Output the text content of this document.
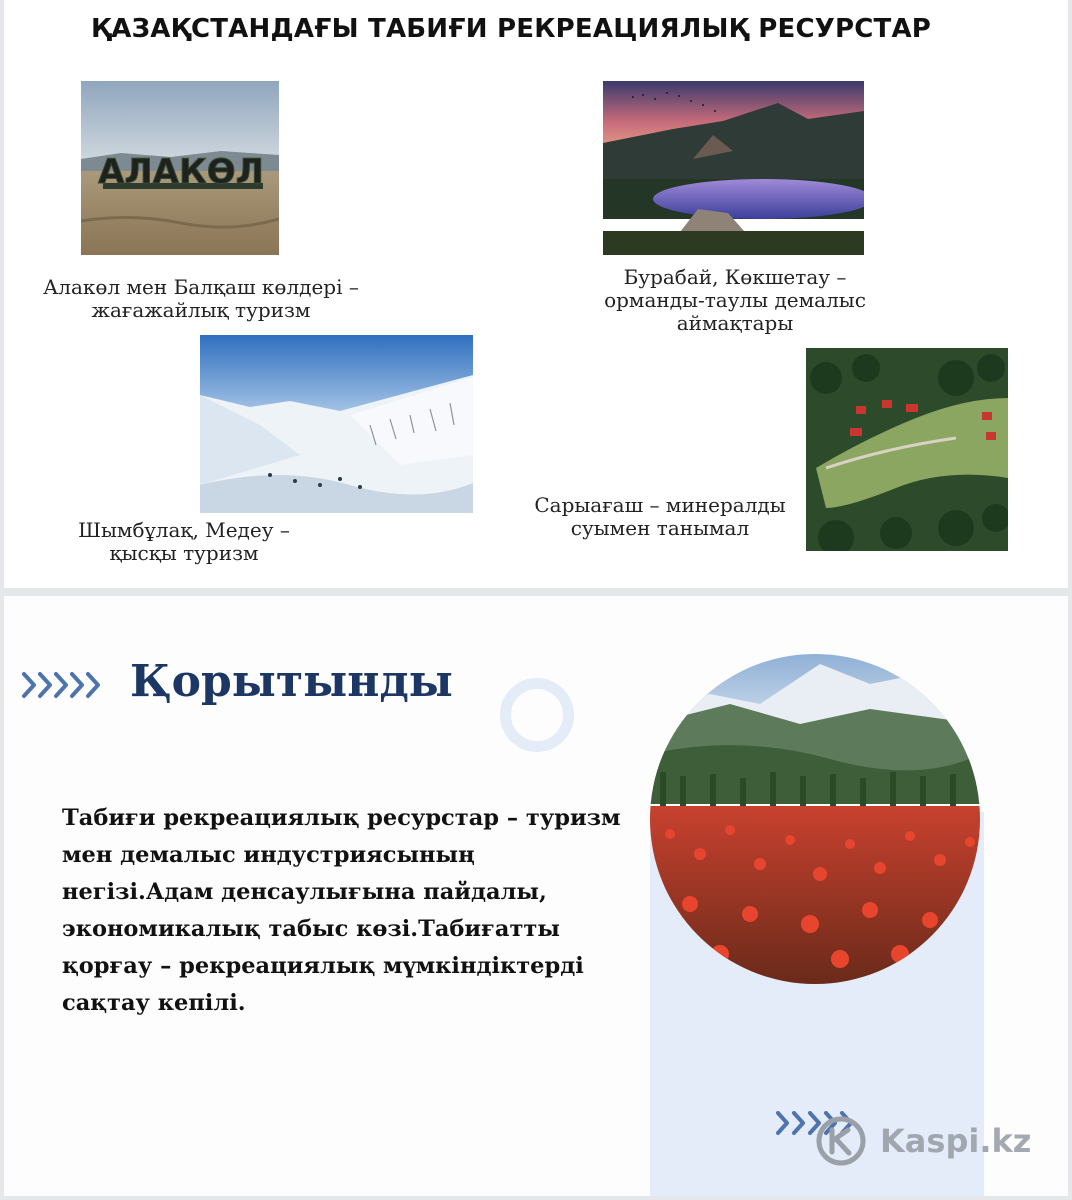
ҚАЗАҚСТАНДАҒЫ ТАБИҒИ РЕКРЕАЦИЯЛЫҚ РЕСУРСТАР
АЛАКӨЛ
Алакөл мен Балқаш көлдері –
жағажайлық туризм
Бурабай, Көкшетау –
орманды-таулы демалыс
аймақтары
Шымбұлақ, Медеу –
қысқы туризм
Сарыағаш – минералды
суымен танымал
Қорытынды

Табиғи рекреациялық ресурстар – туризм мен демалыс индустриясының негізі.Адам денсаулығына пайдалы, экономикалық табыс көзі.Табиғатты қорғау – рекреациялық мүмкіндіктерді сақтау кепілі.

Kaspi.kz
